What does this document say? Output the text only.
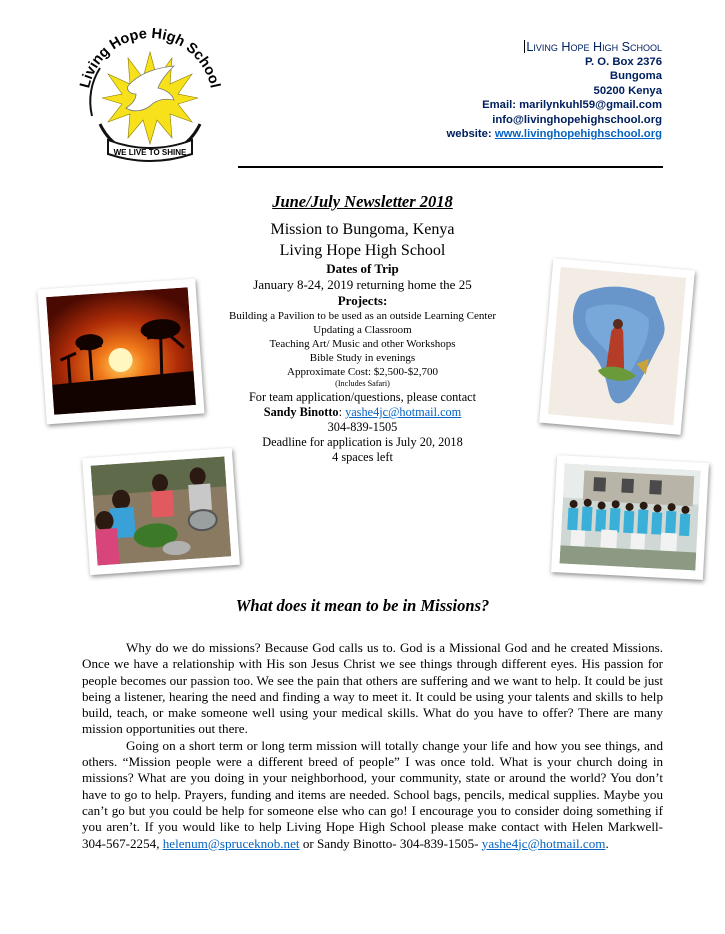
Living Hope High School
WE LIVE TO SHINE
Living Hope High School
P. O. Box 2376
Bungoma
50200 Kenya
Email: marilynkuhl59@gmail.com
info@livinghopehighschool.org
website: www.livinghopehighschool.org
June/July Newsletter 2018
Mission to Bungoma, Kenya
Living Hope High School
Dates of Trip
January 8-24, 2019 returning home the 25
Projects:
Building a Pavilion to be used as an outside Learning Center
Updating a Classroom
Teaching Art/ Music and other Workshops
Bible Study in evenings
Approximate Cost: $2,500-$2,700
(Includes Safari)
For team application/questions, please contact
Sandy Binotto: yashe4jc@hotmail.com
304-839-1505
Deadline for application is July 20, 2018
4 spaces left
What does it mean to be in Missions?

Why do we do missions? Because God calls us to. God is a Missional God and he created Missions. Once we have a relationship with His son Jesus Christ we see things through different eyes. His passion for people becomes our passion too. We see the pain that others are suffering and we want to help. It could be just being a listener, hearing the need and finding a way to meet it. It could be using your talents and skills to help build, teach, or make someone well using your medical skills. What do you have to offer? There are many mission opportunities out there.

Going on a short term or long term mission will totally change your life and how you see things, and others. “Mission people were a different breed of people” I was once told. What is your church doing in missions? What are you doing in your neighborhood, your community, state or around the world? You don’t have to go to help. Prayers, funding and items are needed. School bags, pencils, medical supplies. Maybe you can’t go but you could be help for someone else who can go! I encourage you to consider doing something if you aren’t. If you would like to help Living Hope High School please make contact with Helen Markwell- 304-567-2254, helenum@spruceknob.net or Sandy Binotto- 304-839-1505- yashe4jc@hotmail.com.
